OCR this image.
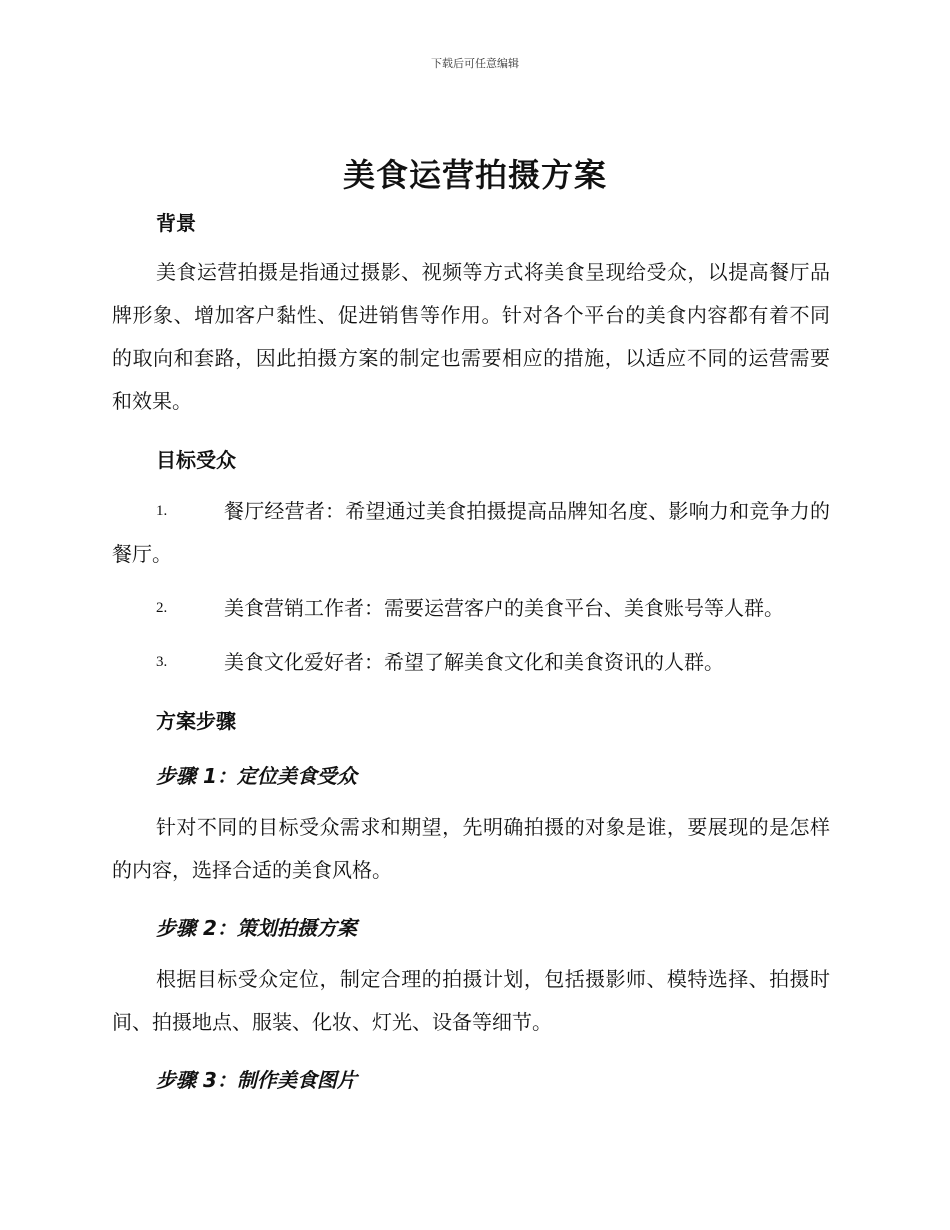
下载后可任意编辑
美食运营拍摄方案
背景
美食运营拍摄是指通过摄影、视频等方式将美食呈现给受众，以提高餐厅品牌形象、增加客户黏性、促进销售等作用。针对各个平台的美食内容都有着不同的取向和套路，因此拍摄方案的制定也需要相应的措施，以适应不同的运营需要和效果。
目标受众
1.	餐厅经营者：希望通过美食拍摄提高品牌知名度、影响力和竞争力的餐厅。
2.	美食营销工作者：需要运营客户的美食平台、美食账号等人群。
3.	美食文化爱好者：希望了解美食文化和美食资讯的人群。
方案步骤
步骤 1：定位美食受众
针对不同的目标受众需求和期望，先明确拍摄的对象是谁，要展现的是怎样的内容，选择合适的美食风格。
步骤 2：策划拍摄方案
根据目标受众定位，制定合理的拍摄计划，包括摄影师、模特选择、拍摄时间、拍摄地点、服装、化妆、灯光、设备等细节。
步骤 3：制作美食图片
